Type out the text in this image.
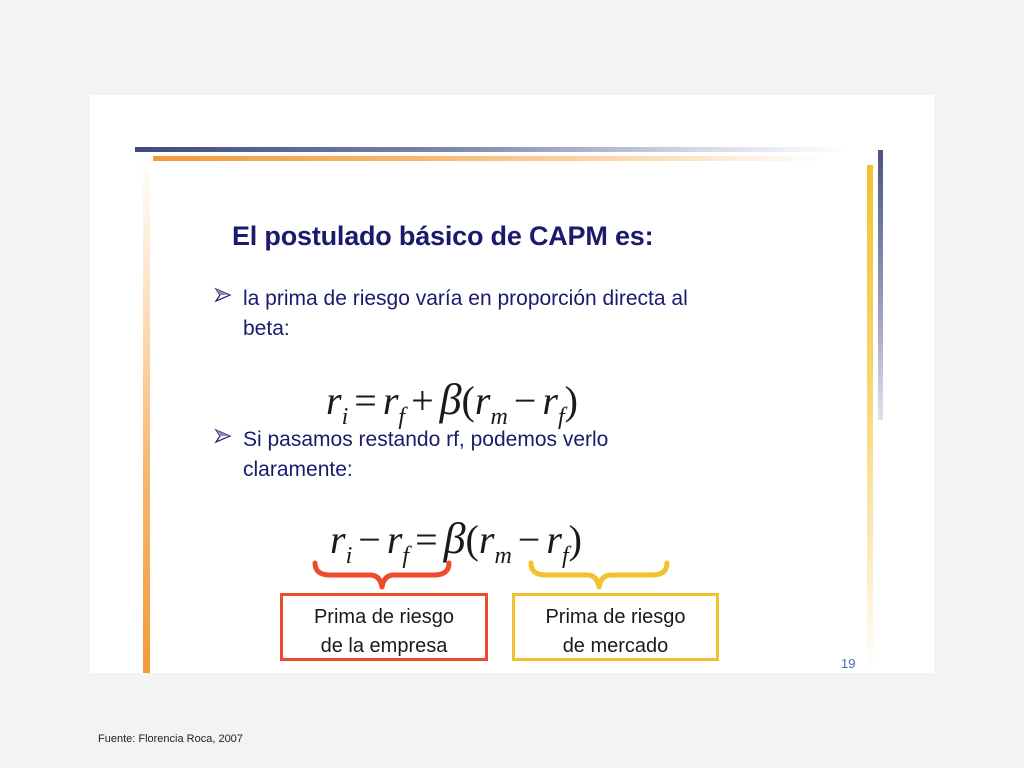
El postulado básico de CAPM es:
la prima de riesgo varía en proporción directa al
beta:
$r_i = r_f + \beta(r_m - r_f)$
Si pasamos restando rf, podemos verlo
claramente:
$r_i - r_f = \beta(r_m - r_f)$
Prima de riesgo
de la empresa
Prima de riesgo
de mercado
19
Fuente: Florencia Roca, 2007
